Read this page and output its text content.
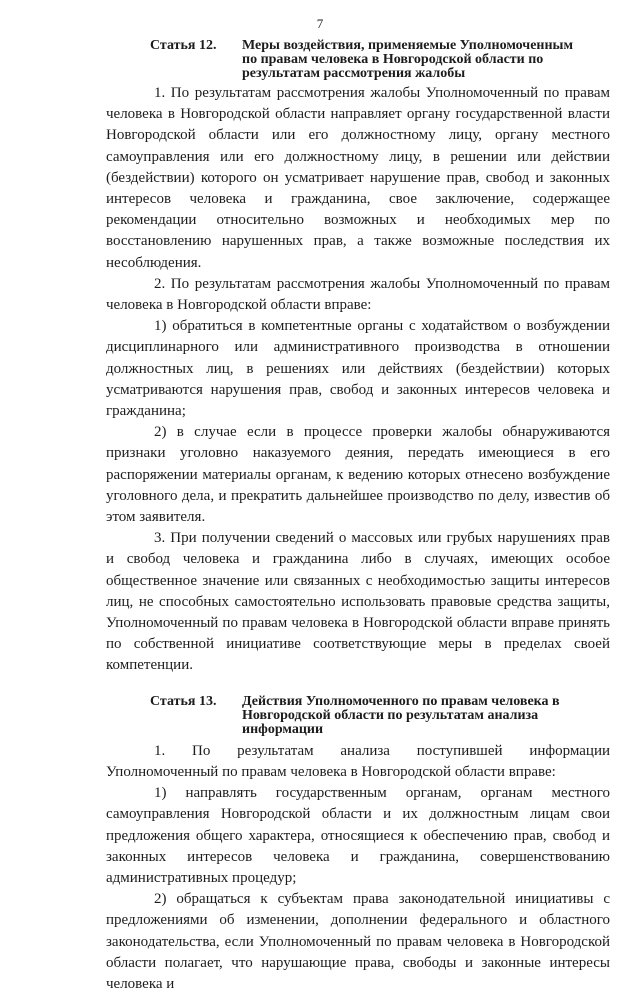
7
Статья 12.	Меры воздействия, применяемые Уполномоченным по правам человека в Новгородской области по результатам рассмотрения жалобы

1. По результатам рассмотрения жалобы Уполномоченный по правам человека в Новгородской области направляет органу государственной власти Новгородской области или его должностному лицу, органу местного самоуправления или его должностному лицу, в решении или действии (бездействии) которого он усматривает нарушение прав, свобод и законных интересов человека и гражданина, свое заключение, содержащее рекомендации относительно возможных и необходимых мер по восстановлению нарушенных прав, а также возможные последствия их несоблюдения.

2. По результатам рассмотрения жалобы Уполномоченный по правам человека в Новгородской области вправе:

1) обратиться в компетентные органы с ходатайством о возбуждении дисциплинарного или административного производства в отношении должностных лиц, в решениях или действиях (бездействии) которых усматриваются нарушения прав, свобод и законных интересов человека и гражданина;

2) в случае если в процессе проверки жалобы обнаруживаются признаки уголовно наказуемого деяния, передать имеющиеся в его распоряжении материалы органам, к ведению которых отнесено возбуждение уголовного дела, и прекратить дальнейшее производство по делу, известив об этом заявителя.

3. При получении сведений о массовых или грубых нарушениях прав и свобод человека и гражданина либо в случаях, имеющих особое общественное значение или связанных с необходимостью защиты интересов лиц, не способных самостоятельно использовать правовые средства защиты, Уполномоченный по правам человека в Новгородской области вправе принять по собственной инициативе соответствующие меры в пределах своей компетенции.

Статья 13.	Действия Уполномоченного по правам человека в Новгородской области по результатам анализа информации

1. По результатам анализа поступившей информации Уполномоченный по правам человека в Новгородской области вправе:

1) направлять государственным органам, органам местного самоуправления Новгородской области и их должностным лицам свои предложения общего характера, относящиеся к обеспечению прав, свобод и законных интересов человека и гражданина, совершенствованию административных процедур;

2) обращаться к субъектам права законодательной инициативы с предложениями об изменении, дополнении федерального и областного законодательства, если Уполномоченный по правам человека в Новгородской области полагает, что нарушающие права, свободы и законные интересы человека и
